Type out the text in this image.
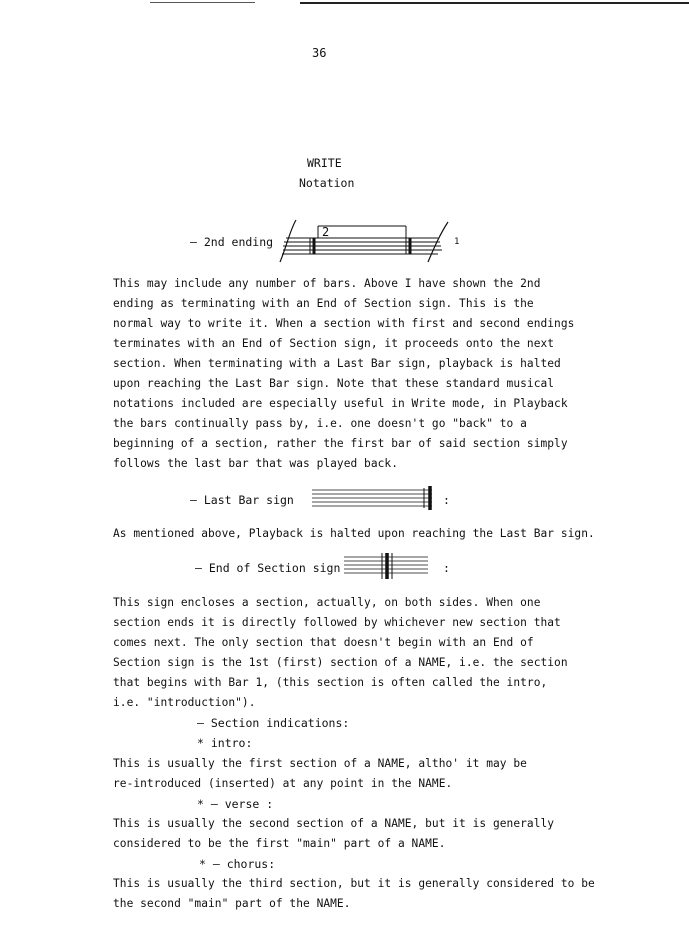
36
WRITE
Notation
– 2nd ending
2
1
This may include any number of bars. Above I have shown the 2nd
ending as terminating with an End of Section sign. This is the
normal way to write it. When a section with first and second endings
terminates with an End of Section sign, it proceeds onto the next
section. When terminating with a Last Bar sign, playback is halted
upon reaching the Last Bar sign. Note that these standard musical
notations included are especially useful in Write mode, in Playback
the bars continually pass by, i.e. one doesn't go "back" to a
beginning of a section, rather the first bar of said section simply
follows the last bar that was played back.
– Last Bar sign	:
As mentioned above, Playback is halted upon reaching the Last Bar sign.
– End of Section sign	:
This sign encloses a section, actually, on both sides. When one
section ends it is directly followed by whichever new section that
comes next. The only section that doesn't begin with an End of
Section sign is the 1st (first) section of a NAME, i.e. the section
that begins with Bar 1, (this section is often called the intro,
i.e. "introduction").
– Section indications:
* intro:
This is usually the first section of a NAME, altho' it may be
re-introduced (inserted) at any point in the NAME.
* – verse :
This is usually the second section of a NAME, but it is generally
considered to be the first "main" part of a NAME.
* – chorus:
This is usually the third section, but it is generally considered to be
the second "main" part of the NAME.
